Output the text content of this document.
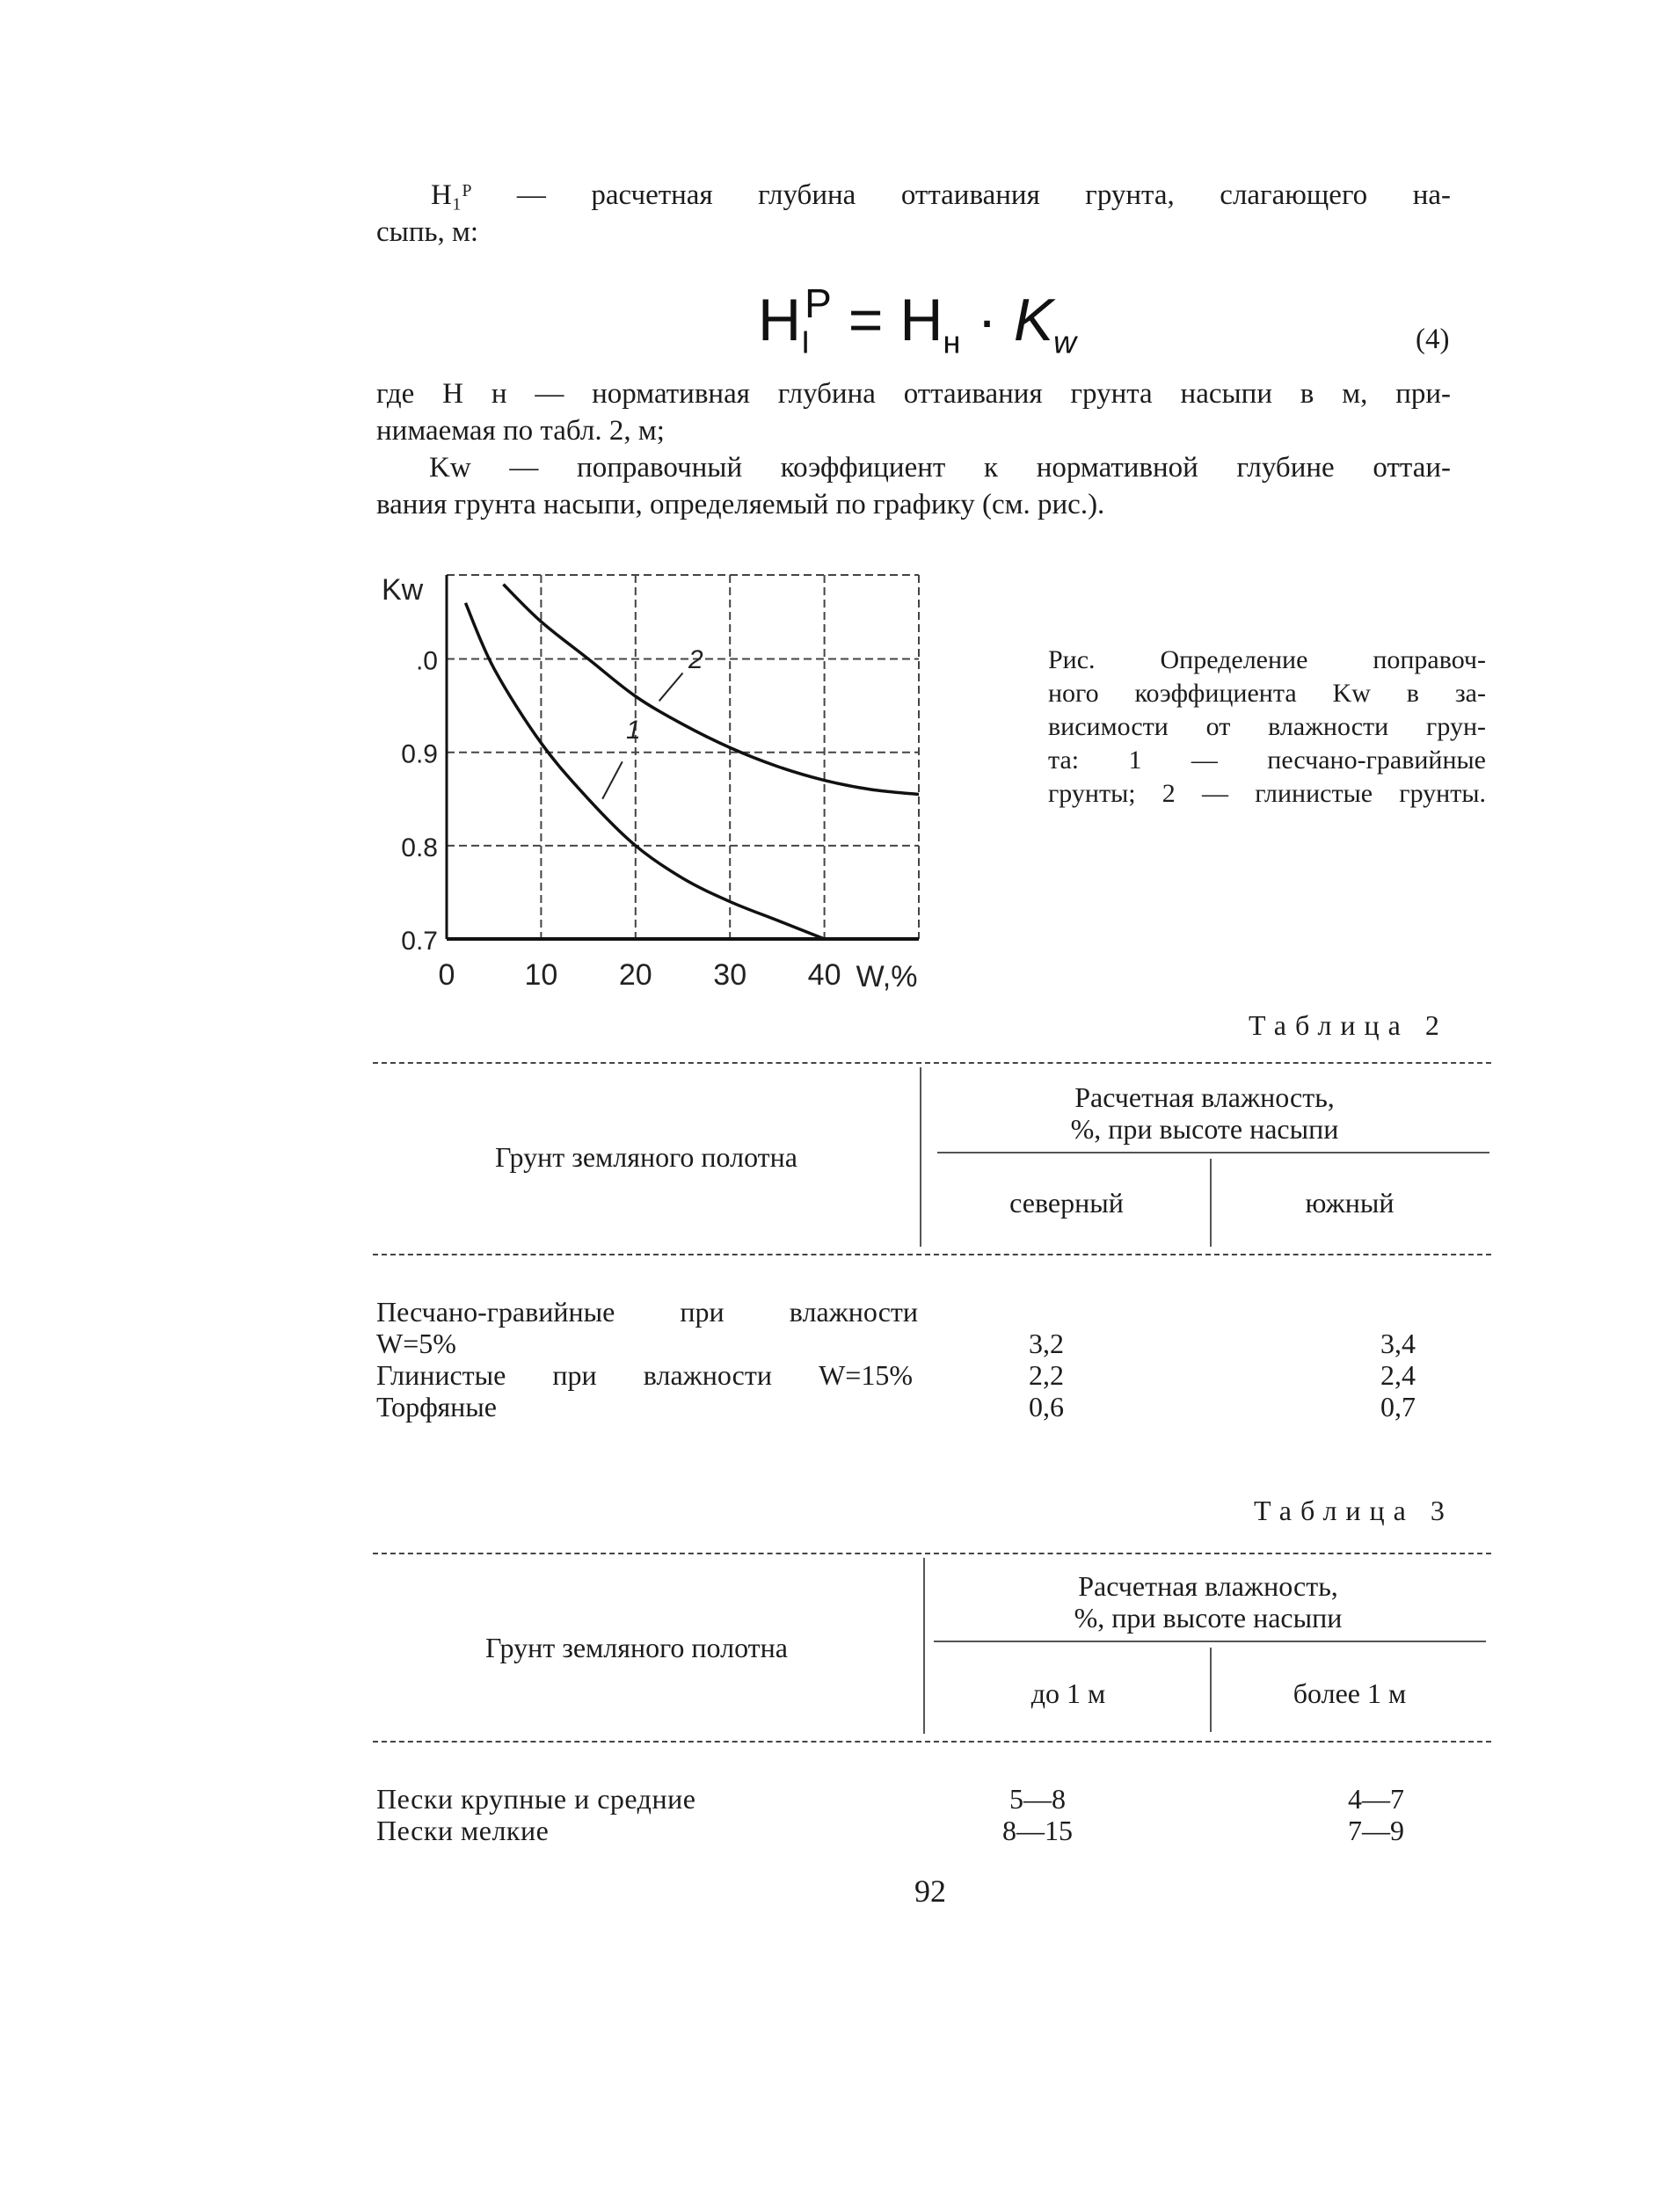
H₁ᴾ — расчетная глубина оттаивания грунта, слагающего на-
сыпь, м:
$H_I^P = H_н \cdot K_w$	(4)
где H н — нормативная глубина оттаивания грунта насыпи в м, при-
нимаемая по табл. 2, м;
Kw — поправочный коэффициент к нормативной глубине оттаи-
вания грунта насыпи, определяемый по графику (см. рис.).
1
2
.0
0.9
0.8
0.7
0 10 20 30 40 W,%
Kw
Рис. Определение поправоч-
ного коэффициента Kw в за-
висимости от влажности грун-
та: 1 — песчано-гравийные
грунты; 2 — глинистые грунты.
Таблица 2
Грунт земляного полотна
Расчетная влажность,
%, при высоте насыпи
северный	южный
Песчано-гравийные при влажности
W=5%	3,2	3,4
Глинистые при влажности W=15%	2,2	2,4
Торфяные	0,6	0,7
Таблица 3
Грунт земляного полотна
Расчетная влажность,
%, при высоте насыпи
до 1 м	более 1 м
Пески крупные и средние	5—8	4—7
Пески мелкие	8—15	7—9
92
